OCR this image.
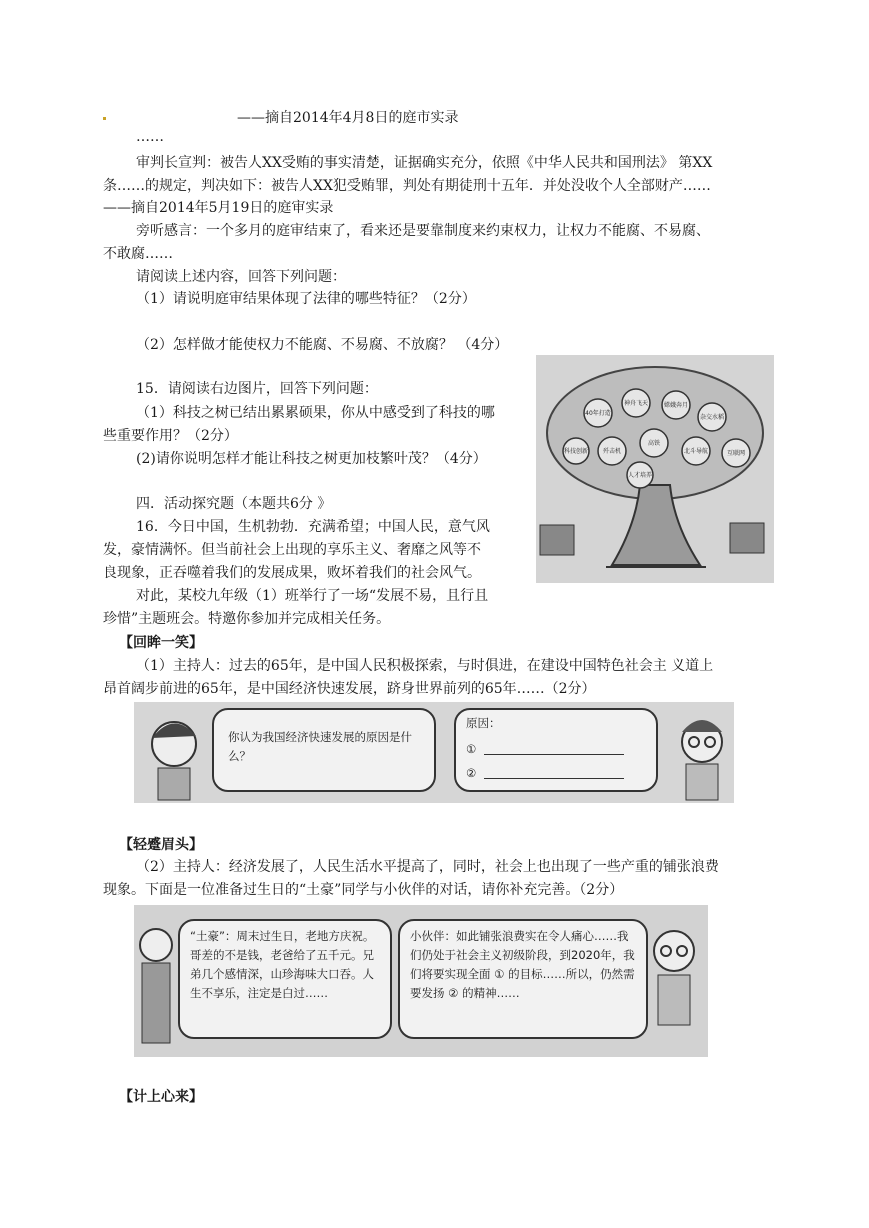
——摘自2014年4月8日的庭市实录
……
审判长宣判：被告人XX受贿的事实清楚，证据确实充分，依照《中华人民共和国刑法》 第XX
条……的规定，判决如下：被告人XX犯受贿罪，判处有期徒刑十五年．并处没收个人全部财产……
——摘自2014年5月19日的庭审实录
旁听感言：一个多月的庭审结束了，看来还是要靠制度来约束权力，让权力不能腐、不易腐、
不敢腐……
请阅读上述内容，回答下列问题：
（1）请说明庭审结果体现了法律的哪些特征？（2分）
（2）怎样做才能使权力不能腐、不易腐、不放腐？ （4分）
40年打造
神舟飞天	嫦娥奔月
杂交水稻
歼击机
高铁
北斗导航	互联网
科技创新
人才培养
15．请阅读右边图片，回答下列问题：
（1）科技之树已结出累累硕果，你从中感受到了科技的哪
些重要作用？（2分）
(2)请你说明怎样才能让科技之树更加枝繁叶茂？（4分）
四．活动探究题（本题共6分 》
16．今日中国，生机勃勃．充满希望；中国人民，意气风
发，豪情满怀。但当前社会上出现的享乐主义、奢靡之风等不
良现象，正吞噬着我们的发展成果，败坏着我们的社会风气。
对此，某校九年级（1）班举行了一场“发展不易，且行且
珍惜”主题班会。特邀你参加并完成相关任务。
【回眸一笑】
（1）主持人：过去的65年，是中国人民积极探索，与时俱进，在建设中国特色社会主 义道上
昂首阔步前进的65年，是中国经济快速发展，跻身世界前列的65年……（2分）
你认为我国经济快速发展的原因是什么？
原因：
①
②
【轻蹙眉头】
（2）主持人：经济发展了，人民生活水平提高了，同时，社会上也出现了一些产重的铺张浪费
现象。下面是一位准备过生日的“土豪”同学与小伙伴的对话，请你补充完善。（2分）
“土豪”：周末过生日，老地方庆祝。哥差的不是钱，老爸给了五千元。兄弟几个感情深，山珍海味大口吞。人生不享乐，注定是白过……
小伙伴：如此铺张浪费实在令人痛心……我们仍处于社会主义初级阶段，到2020年，我们将要实现全面 ① 的目标……所以，仍然需要发扬 ② 的精神……
【计上心来】
